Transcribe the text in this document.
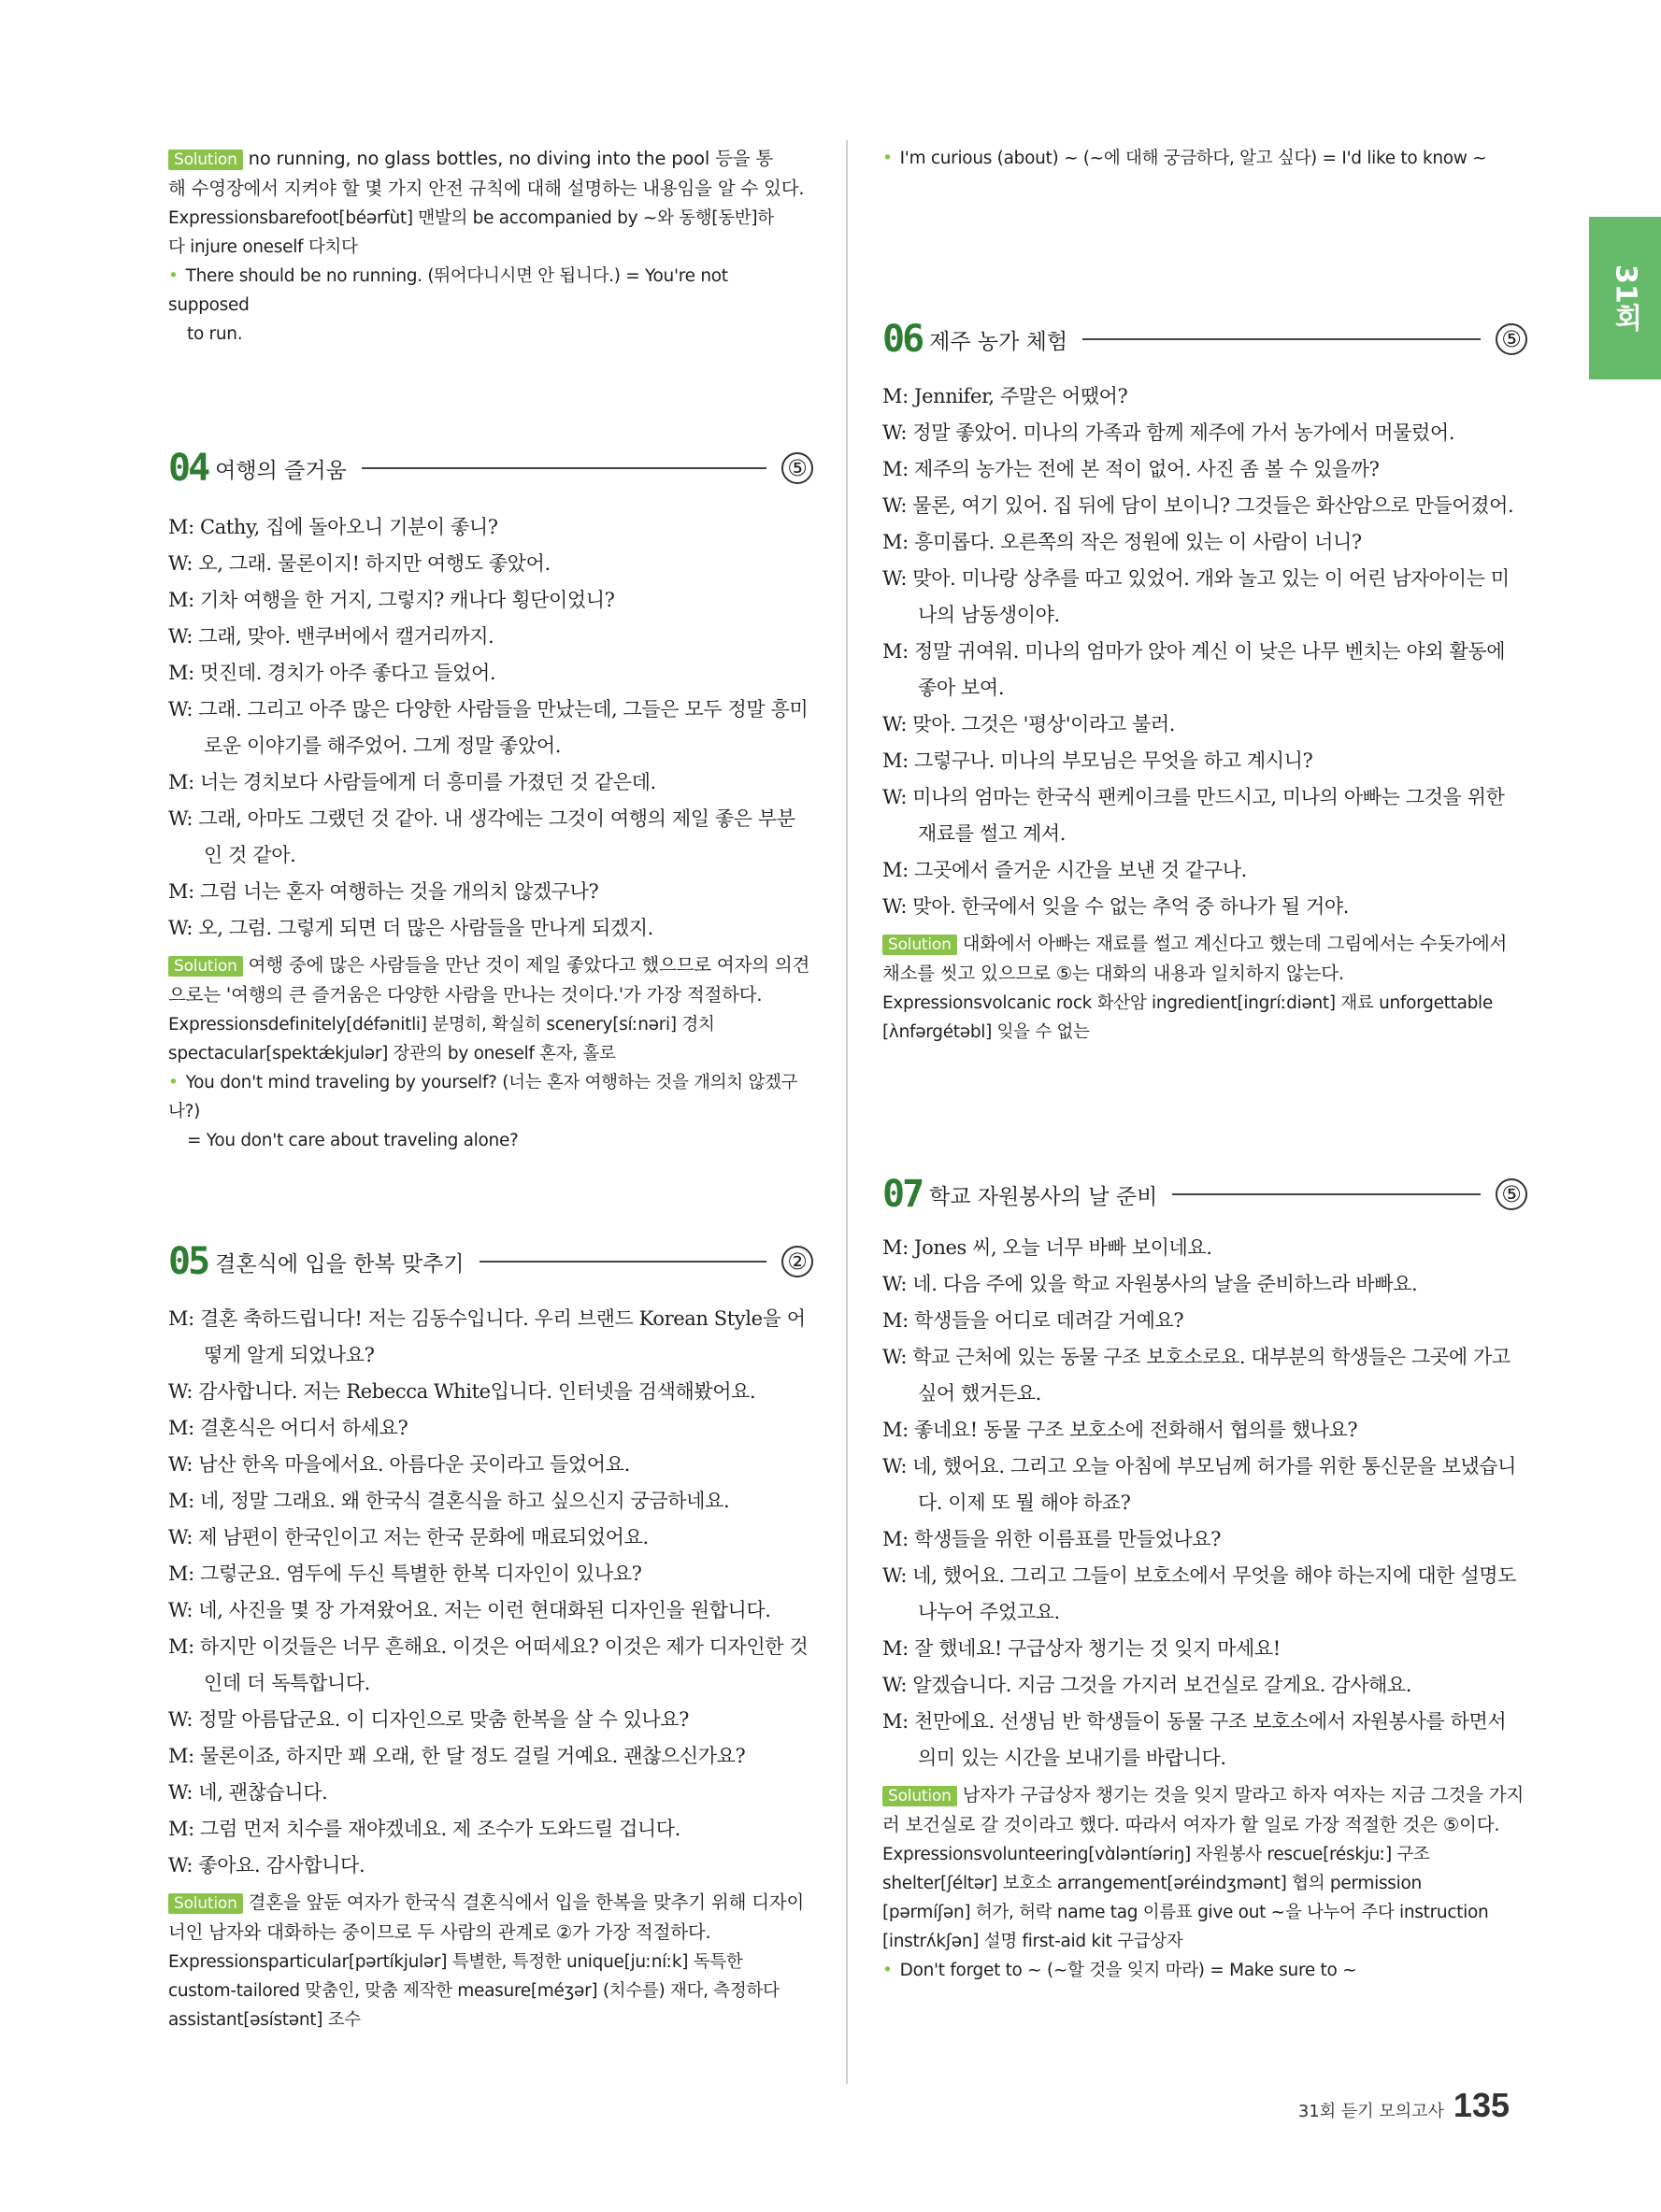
31회
Solution no running, no glass bottles, no diving into the pool 등을 통
해 수영장에서 지켜야 할 몇 가지 안전 규칙에 대해 설명하는 내용임을 알 수 있다.
Expressionsbarefoot[béərfùt] 맨발의 be accompanied by ~와 동행[동반]하
다 injure oneself 다치다
• There should be no running. (뛰어다니시면 안 됩니다.) = You're not supposed
to run.
04 여행의 즐거움	⑤
M: Cathy, 집에 돌아오니 기분이 좋니?
W: 오, 그래. 물론이지! 하지만 여행도 좋았어.
M: 기차 여행을 한 거지, 그렇지? 캐나다 횡단이었니?
W: 그래, 맞아. 밴쿠버에서 캘거리까지.
M: 멋진데. 경치가 아주 좋다고 들었어.
W: 그래. 그리고 아주 많은 다양한 사람들을 만났는데, 그들은 모두 정말 흥미
로운 이야기를 해주었어. 그게 정말 좋았어.
M: 너는 경치보다 사람들에게 더 흥미를 가졌던 것 같은데.
W: 그래, 아마도 그랬던 것 같아. 내 생각에는 그것이 여행의 제일 좋은 부분
인 것 같아.
M: 그럼 너는 혼자 여행하는 것을 개의치 않겠구나?
W: 오, 그럼. 그렇게 되면 더 많은 사람들을 만나게 되겠지.
Solution 여행 중에 많은 사람들을 만난 것이 제일 좋았다고 했으므로 여자의 의견
으로는 '여행의 큰 즐거움은 다양한 사람을 만나는 것이다.'가 가장 적절하다.
Expressionsdefinitely[défənitli] 분명히, 확실히 scenery[síːnəri] 경치
spectacular[spektǽkjulər] 장관의 by oneself 혼자, 홀로
• You don't mind traveling by yourself? (너는 혼자 여행하는 것을 개의치 않겠구나?)
= You don't care about traveling alone?
05 결혼식에 입을 한복 맞추기	②
M: 결혼 축하드립니다! 저는 김동수입니다. 우리 브랜드 Korean Style을 어
떻게 알게 되었나요?
W: 감사합니다. 저는 Rebecca White입니다. 인터넷을 검색해봤어요.
M: 결혼식은 어디서 하세요?
W: 남산 한옥 마을에서요. 아름다운 곳이라고 들었어요.
M: 네, 정말 그래요. 왜 한국식 결혼식을 하고 싶으신지 궁금하네요.
W: 제 남편이 한국인이고 저는 한국 문화에 매료되었어요.
M: 그렇군요. 염두에 두신 특별한 한복 디자인이 있나요?
W: 네, 사진을 몇 장 가져왔어요. 저는 이런 현대화된 디자인을 원합니다.
M: 하지만 이것들은 너무 흔해요. 이것은 어떠세요? 이것은 제가 디자인한 것
인데 더 독특합니다.
W: 정말 아름답군요. 이 디자인으로 맞춤 한복을 살 수 있나요?
M: 물론이죠, 하지만 꽤 오래, 한 달 정도 걸릴 거예요. 괜찮으신가요?
W: 네, 괜찮습니다.
M: 그럼 먼저 치수를 재야겠네요. 제 조수가 도와드릴 겁니다.
W: 좋아요. 감사합니다.
Solution 결혼을 앞둔 여자가 한국식 결혼식에서 입을 한복을 맞추기 위해 디자이
너인 남자와 대화하는 중이므로 두 사람의 관계로 ②가 가장 적절하다.
Expressionsparticular[pərtíkjulər] 특별한, 특정한 unique[juːníːk] 독특한
custom-tailored 맞춤인, 맞춤 제작한 measure[méʒər] (치수를) 재다, 측정하다
assistant[əsístənt] 조수
• I'm curious (about) ~ (~에 대해 궁금하다, 알고 싶다) = I'd like to know ~
06 제주 농가 체험	⑤
M: Jennifer, 주말은 어땠어?
W: 정말 좋았어. 미나의 가족과 함께 제주에 가서 농가에서 머물렀어.
M: 제주의 농가는 전에 본 적이 없어. 사진 좀 볼 수 있을까?
W: 물론, 여기 있어. 집 뒤에 담이 보이니? 그것들은 화산암으로 만들어졌어.
M: 흥미롭다. 오른쪽의 작은 정원에 있는 이 사람이 너니?
W: 맞아. 미나랑 상추를 따고 있었어. 개와 놀고 있는 이 어린 남자아이는 미
나의 남동생이야.
M: 정말 귀여워. 미나의 엄마가 앉아 계신 이 낮은 나무 벤치는 야외 활동에
좋아 보여.
W: 맞아. 그것은 '평상'이라고 불러.
M: 그렇구나. 미나의 부모님은 무엇을 하고 계시니?
W: 미나의 엄마는 한국식 팬케이크를 만드시고, 미나의 아빠는 그것을 위한
재료를 썰고 계셔.
M: 그곳에서 즐거운 시간을 보낸 것 같구나.
W: 맞아. 한국에서 잊을 수 없는 추억 중 하나가 될 거야.
Solution 대화에서 아빠는 재료를 썰고 계신다고 했는데 그림에서는 수돗가에서
채소를 씻고 있으므로 ⑤는 대화의 내용과 일치하지 않는다.
Expressionsvolcanic rock 화산암 ingredient[ingríːdiənt] 재료 unforgettable
[ʌ̀nfərgétəbl] 잊을 수 없는
07 학교 자원봉사의 날 준비	⑤
M: Jones 씨, 오늘 너무 바빠 보이네요.
W: 네. 다음 주에 있을 학교 자원봉사의 날을 준비하느라 바빠요.
M: 학생들을 어디로 데려갈 거예요?
W: 학교 근처에 있는 동물 구조 보호소로요. 대부분의 학생들은 그곳에 가고
싶어 했거든요.
M: 좋네요! 동물 구조 보호소에 전화해서 협의를 했나요?
W: 네, 했어요. 그리고 오늘 아침에 부모님께 허가를 위한 통신문을 보냈습니
다. 이제 또 뭘 해야 하죠?
M: 학생들을 위한 이름표를 만들었나요?
W: 네, 했어요. 그리고 그들이 보호소에서 무엇을 해야 하는지에 대한 설명도
나누어 주었고요.
M: 잘 했네요! 구급상자 챙기는 것 잊지 마세요!
W: 알겠습니다. 지금 그것을 가지러 보건실로 갈게요. 감사해요.
M: 천만에요. 선생님 반 학생들이 동물 구조 보호소에서 자원봉사를 하면서
의미 있는 시간을 보내기를 바랍니다.
Solution 남자가 구급상자 챙기는 것을 잊지 말라고 하자 여자는 지금 그것을 가지
러 보건실로 갈 것이라고 했다. 따라서 여자가 할 일로 가장 적절한 것은 ⑤이다.
Expressionsvolunteering[vɑ̀ləntíəriŋ] 자원봉사 rescue[réskjuː] 구조
shelter[ʃéltər] 보호소 arrangement[əréindʒmənt] 협의 permission
[pərmíʃən] 허가, 허락 name tag 이름표 give out ~을 나누어 주다 instruction
[instrʌ́kʃən] 설명 first-aid kit 구급상자
• Don't forget to ~ (~할 것을 잊지 마라) = Make sure to ~
31회 듣기 모의고사 135
